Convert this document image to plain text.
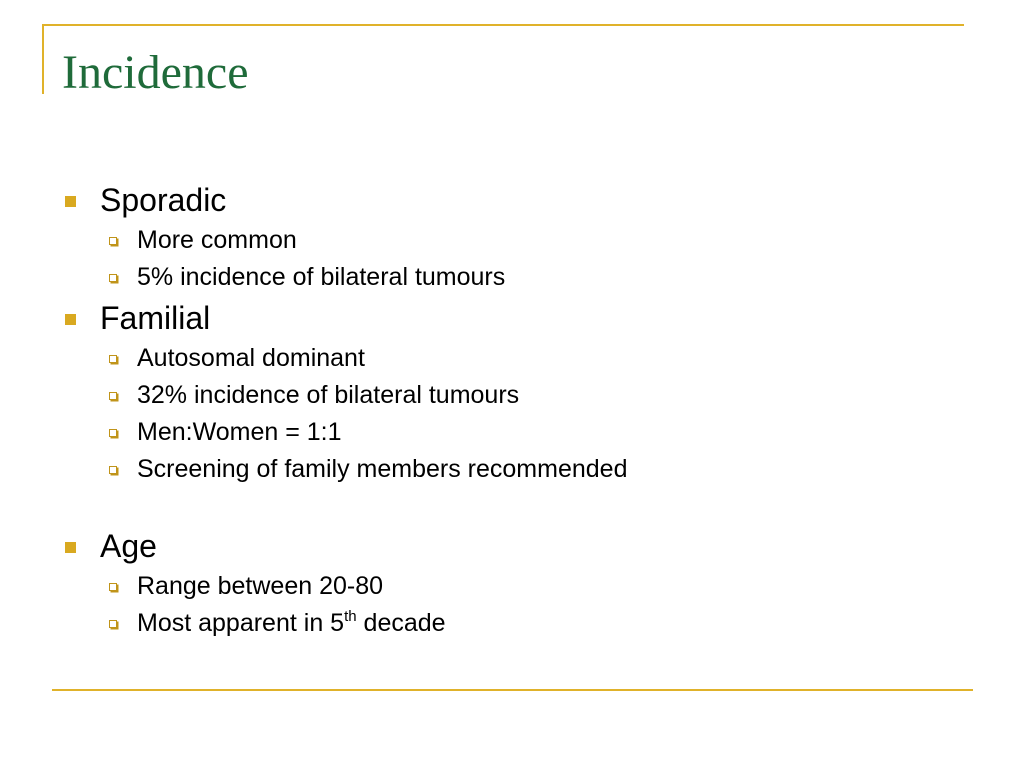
Incidence
Sporadic
More common
5% incidence of bilateral tumours
Familial
Autosomal dominant
32% incidence of bilateral tumours
Men:Women = 1:1
Screening of family members recommended
Age
Range between 20-80
Most apparent in 5th decade
